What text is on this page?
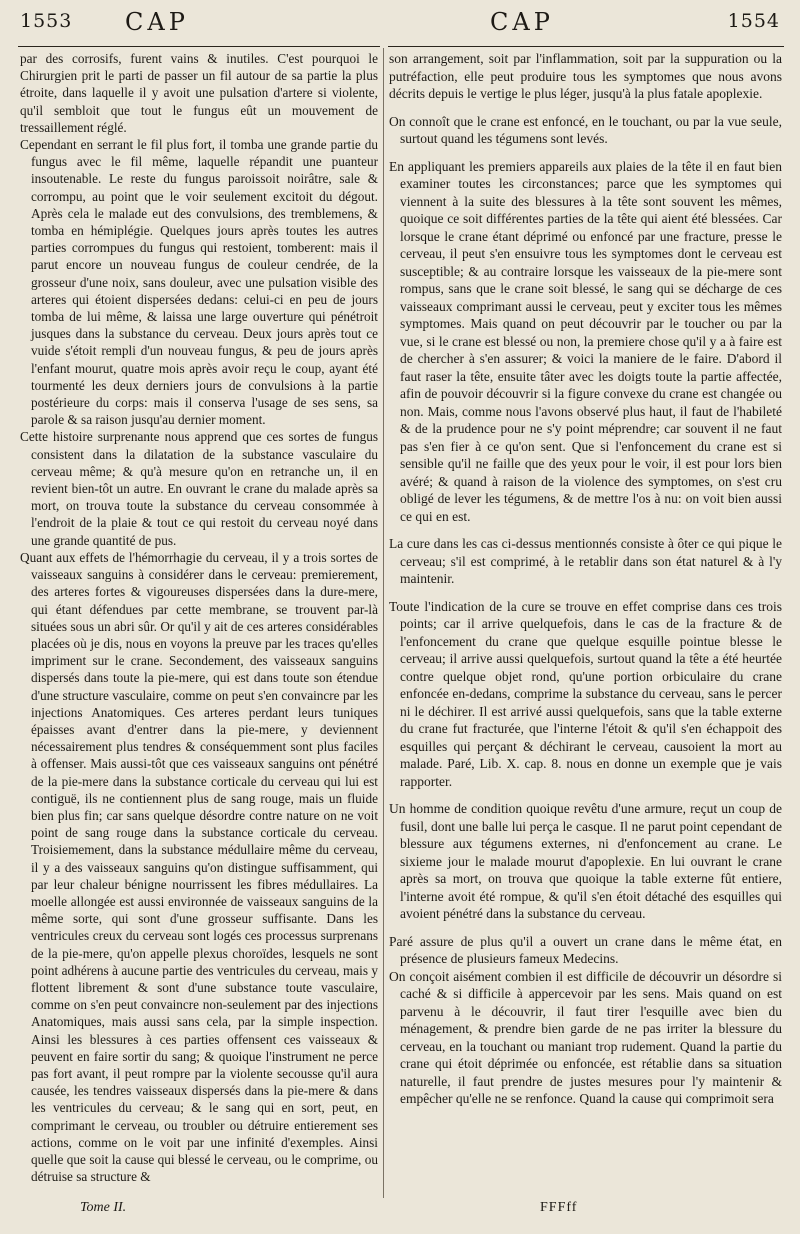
1553 CAP	CAP	1554

par des corrosifs, furent vains & inutiles. C'est pourquoi le Chirurgien prit le parti de passer un fil autour de sa partie la plus étroite, dans laquelle il y avoit une pulsation d'artere si violente, qu'il sembloit que tout le fungus eût un mouvement de tressaillement réglé.

Cependant en serrant le fil plus fort, il tomba une grande partie du fungus avec le fil même, laquelle répandit une puanteur insoutenable. Le reste du fungus paroissoit noirâtre, sale & corrompu, au point que le voir seulement excitoit du dégout. Après cela le malade eut des convulsions, des tremblemens, & tomba en hémiplégie. Quelques jours après toutes les autres parties corrompues du fungus qui restoient, tomberent: mais il parut encore un nouveau fungus de couleur cendrée, de la grosseur d'une noix, sans douleur, avec une pulsation visible des arteres qui étoient dispersées dedans: celui-ci en peu de jours tomba de lui même, & laissa une large ouverture qui pénétroit jusques dans la substance du cerveau. Deux jours après tout ce vuide s'étoit rempli d'un nouveau fungus, & peu de jours après l'enfant mourut, quatre mois après avoir reçu le coup, ayant été tourmenté les deux derniers jours de convulsions à la partie postérieure du corps: mais il conserva l'usage de ses sens, sa parole & sa raison jusqu'au dernier moment.

Cette histoire surprenante nous apprend que ces sortes de fungus consistent dans la dilatation de la substance vasculaire du cerveau même; & qu'à mesure qu'on en retranche un, il en revient bien-tôt un autre. En ouvrant le crane du malade après sa mort, on trouva toute la substance du cerveau consommée à l'endroit de la plaie & tout ce qui restoit du cerveau noyé dans une grande quantité de pus.

Quant aux effets de l'hémorrhagie du cerveau, il y a trois sortes de vaisseaux sanguins à considérer dans le cerveau: premierement, des arteres fortes & vigoureuses dispersées dans la dure-mere, qui étant défendues par cette membrane, se trouvent par-là situées sous un abri sûr. Or qu'il y ait de ces arteres considérables placées où je dis, nous en voyons la preuve par les traces qu'elles impriment sur le crane. Secondement, des vaisseaux sanguins dispersés dans toute la pie-mere, qui est dans toute son étendue d'une structure vasculaire, comme on peut s'en convaincre par les injections Anatomiques. Ces arteres perdant leurs tuniques épaisses avant d'entrer dans la pie-mere, y deviennent nécessairement plus tendres & conséquemment sont plus faciles à offenser. Mais aussi-tôt que ces vaisseaux sanguins ont pénétré de la pie-mere dans la substance corticale du cerveau qui lui est contiguë, ils ne contiennent plus de sang rouge, mais un fluide bien plus fin; car sans quelque désordre contre nature on ne voit point de sang rouge dans la substance corticale du cerveau. Troisiemement, dans la substance médullaire même du cerveau, il y a des vaisseaux sanguins qu'on distingue suffisamment, qui par leur chaleur bénigne nourrissent les fibres médullaires. La moelle allongée est aussi environnée de vaisseaux sanguins de la même sorte, qui sont d'une grosseur suffisante. Dans les ventricules creux du cerveau sont logés ces processus surprenans de la pie-mere, qu'on appelle plexus choroïdes, lesquels ne sont point adhérens à aucune partie des ventricules du cerveau, mais y flottent librement & sont d'une substance toute vasculaire, comme on s'en peut convaincre non-seulement par des injections Anatomiques, mais aussi sans cela, par la simple inspection. Ainsi les blessures à ces parties offensent ces vaisseaux & peuvent en faire sortir du sang; & quoique l'instrument ne perce pas fort avant, il peut rompre par la violente secousse qu'il aura causée, les tendres vaisseaux dispersés dans la pie-mere & dans les ventricules du cerveau; & le sang qui en sort, peut, en comprimant le cerveau, ou troubler ou détruire entierement ses actions, comme on le voit par une infinité d'exemples. Ainsi quelle que soit la cause qui blessé le cerveau, ou le comprime, ou détruise sa structure &

son arrangement, soit par l'inflammation, soit par la suppuration ou la putréfaction, elle peut produire tous les symptomes que nous avons décrits depuis le vertige le plus léger, jusqu'à la plus fatale apoplexie.

On connoît que le crane est enfoncé, en le touchant, ou par la vue seule, surtout quand les tégumens sont levés.

En appliquant les premiers appareils aux plaies de la tête il en faut bien examiner toutes les circonstances; parce que les symptomes qui viennent à la suite des blessures à la tête sont souvent les mêmes, quoique ce soit différentes parties de la tête qui aient été blessées. Car lorsque le crane étant déprimé ou enfoncé par une fracture, presse le cerveau, il peut s'en ensuivre tous les symptomes dont le cerveau est susceptible; & au contraire lorsque les vaisseaux de la pie-mere sont rompus, sans que le crane soit blessé, le sang qui se décharge de ces vaisseaux comprimant aussi le cerveau, peut y exciter tous les mêmes symptomes. Mais quand on peut découvrir par le toucher ou par la vue, si le crane est blessé ou non, la premiere chose qu'il y a à faire est de chercher à s'en assurer; & voici la maniere de le faire. D'abord il faut raser la tête, ensuite tâter avec les doigts toute la partie affectée, afin de pouvoir découvrir si la figure convexe du crane est changée ou non. Mais, comme nous l'avons observé plus haut, il faut de l'habileté & de la prudence pour ne s'y point méprendre; car souvent il ne faut pas s'en fier à ce qu'on sent. Que si l'enfoncement du crane est si sensible qu'il ne faille que des yeux pour le voir, il est pour lors bien avéré; & quand à raison de la violence des symptomes, on s'est cru obligé de lever les tégumens, & de mettre l'os à nu: on voit bien aussi ce qui en est.

La cure dans les cas ci-dessus mentionnés consiste à ôter ce qui pique le cerveau; s'il est comprimé, à le retablir dans son état naturel & à l'y maintenir.

Toute l'indication de la cure se trouve en effet comprise dans ces trois points; car il arrive quelquefois, dans le cas de la fracture & de l'enfoncement du crane que quelque esquille pointue blesse le cerveau; il arrive aussi quelquefois, surtout quand la tête a été heurtée contre quelque objet rond, qu'une portion orbiculaire du crane enfoncée en-dedans, comprime la substance du cerveau, sans le percer ni le déchirer. Il est arrivé aussi quelquefois, sans que la table externe du crane fut fracturée, que l'interne l'étoit & qu'il s'en échappoit des esquilles qui perçant & déchirant le cerveau, causoient la mort au malade. Paré, Lib. X. cap. 8. nous en donne un exemple que je vais rapporter.

Un homme de condition quoique revêtu d'une armure, reçut un coup de fusil, dont une balle lui perça le casque. Il ne parut point cependant de blessure aux tégumens externes, ni d'enfoncement au crane. Le sixieme jour le malade mourut d'apoplexie. En lui ouvrant le crane après sa mort, on trouva que quoique la table externe fût entiere, l'interne avoit été rompue, & qu'il s'en étoit détaché des esquilles qui avoient pénétré dans la substance du cerveau.

Paré assure de plus qu'il a ouvert un crane dans le même état, en présence de plusieurs fameux Medecins.

On conçoit aisément combien il est difficile de découvrir un désordre si caché & si difficile à appercevoir par les sens. Mais quand on est parvenu à le découvrir, il faut tirer l'esquille avec bien du ménagement, & prendre bien garde de ne pas irriter la blessure du cerveau, en la touchant ou maniant trop rudement. Quand la partie du crane qui étoit déprimée ou enfoncée, est rétablie dans sa situation naturelle, il faut prendre de justes mesures pour l'y maintenir & empêcher qu'elle ne se renfonce. Quand la cause qui comprimoit sera

Tome II.	FFFff
